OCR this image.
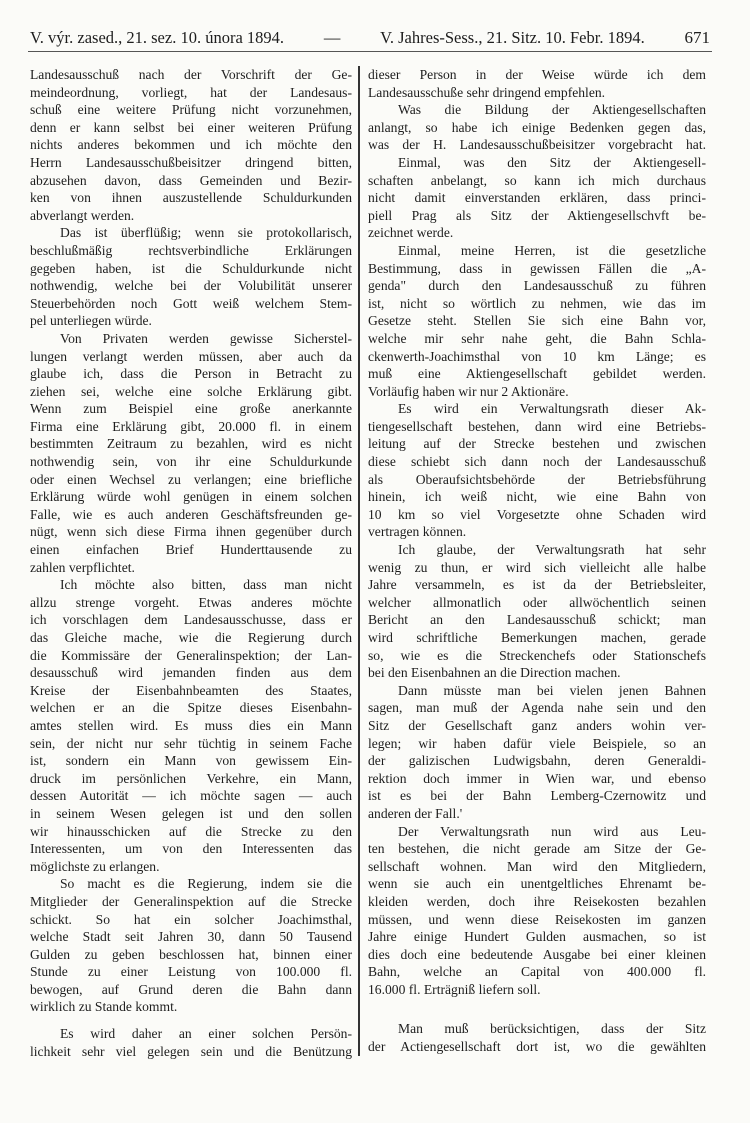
V. výr. zased., 21. sez. 10. února 1894. — V. Jahres-Sess., 21. Sitz. 10. Febr. 1894. 671
Landesausschuß nach der Vorschrift der Ge-
meindeordnung, vorliegt, hat der Landesaus-
schuß eine weitere Prüfung nicht vorzunehmen,
denn er kann selbst bei einer weiteren Prüfung
nichts anderes bekommen und ich möchte den
Herrn Landesausschußbeisitzer dringend bitten,
abzusehen davon, dass Gemeinden und Bezir-
ken von ihnen auszustellende Schuldurkunden
abverlangt werden.
Das ist überflüßig; wenn sie protokollarisch,
beschlußmäßig rechtsverbindliche Erklärungen
gegeben haben, ist die Schuldurkunde nicht
nothwendig, welche bei der Volubilität unserer
Steuerbehörden noch Gott weiß welchem Stem-
pel unterliegen würde.
Von Privaten werden gewisse Sicherstel-
lungen verlangt werden müssen, aber auch da
glaube ich, dass die Person in Betracht zu
ziehen sei, welche eine solche Erklärung gibt.
Wenn zum Beispiel eine große anerkannte
Firma eine Erklärung gibt, 20.000 fl. in einem
bestimmten Zeitraum zu bezahlen, wird es nicht
nothwendig sein, von ihr eine Schuldurkunde
oder einen Wechsel zu verlangen; eine briefliche
Erklärung würde wohl genügen in einem solchen
Falle, wie es auch anderen Geschäftsfreunden ge-
nügt, wenn sich diese Firma ihnen gegenüber durch
einen einfachen Brief Hunderttausende zu
zahlen verpflichtet.
Ich möchte also bitten, dass man nicht
allzu strenge vorgeht. Etwas anderes möchte
ich vorschlagen dem Landesausschusse, dass er
das Gleiche mache, wie die Regierung durch
die Kommissäre der Generalinspektion; der Lan-
desausschuß wird jemanden finden aus dem
Kreise der Eisenbahnbeamten des Staates,
welchen er an die Spitze dieses Eisenbahn-
amtes stellen wird. Es muss dies ein Mann
sein, der nicht nur sehr tüchtig in seinem Fache
ist, sondern ein Mann von gewissem Ein-
druck im persönlichen Verkehre, ein Mann,
dessen Autorität — ich möchte sagen — auch
in seinem Wesen gelegen ist und den sollen
wir hinausschicken auf die Strecke zu den
Interessenten, um von den Interessenten das
möglichste zu erlangen.
So macht es die Regierung, indem sie die
Mitglieder der Generalinspektion auf die Strecke
schickt. So hat ein solcher Joachimsthal,
welche Stadt seit Jahren 30, dann 50 Tausend
Gulden zu geben beschlossen hat, binnen einer
Stunde zu einer Leistung von 100.000 fl.
bewogen, auf Grund deren die Bahn dann
wirklich zu Stande kommt.
Es wird daher an einer solchen Persön-
lichkeit sehr viel gelegen sein und die Benützung
dieser Person in der Weise würde ich dem
Landesausschuße sehr dringend empfehlen.
Was die Bildung der Aktiengesellschaften
anlangt, so habe ich einige Bedenken gegen das,
was der H. Landesausschußbeisitzer vorgebracht hat.
Einmal, was den Sitz der Aktiengesell-
schaften anbelangt, so kann ich mich durchaus
nicht damit einverstanden erklären, dass princi-
piell Prag als Sitz der Aktiengesellschvft be-
zeichnet werde.
Einmal, meine Herren, ist die gesetzliche
Bestimmung, dass in gewissen Fällen die „A-
genda" durch den Landesausschuß zu führen
ist, nicht so wörtlich zu nehmen, wie das im
Gesetze steht. Stellen Sie sich eine Bahn vor,
welche mir sehr nahe geht, die Bahn Schla-
ckenwerth-Joachimsthal von 10 km Länge; es
muß eine Aktiengesellschaft gebildet werden.
Vorläufig haben wir nur 2 Aktionäre.
Es wird ein Verwaltungsrath dieser Ak-
tiengesellschaft bestehen, dann wird eine Betriebs-
leitung auf der Strecke bestehen und zwischen
diese schiebt sich dann noch der Landesausschuß
als Oberaufsichtsbehörde der Betriebsführung
hinein, ich weiß nicht, wie eine Bahn von
10 km so viel Vorgesetzte ohne Schaden wird
vertragen können.
Ich glaube, der Verwaltungsrath hat sehr
wenig zu thun, er wird sich vielleicht alle halbe
Jahre versammeln, es ist da der Betriebsleiter,
welcher allmonatlich oder allwöchentlich seinen
Bericht an den Landesausschuß schickt; man
wird schriftliche Bemerkungen machen, gerade
so, wie es die Streckenchefs oder Stationschefs
bei den Eisenbahnen an die Direction machen.
Dann müsste man bei vielen jenen Bahnen
sagen, man muß der Agenda nahe sein und den
Sitz der Gesellschaft ganz anders wohin ver-
legen; wir haben dafür viele Beispiele, so an
der galizischen Ludwigsbahn, deren Generaldi-
rektion doch immer in Wien war, und ebenso
ist es bei der Bahn Lemberg-Czernowitz und
anderen der Fall.'
Der Verwaltungsrath nun wird aus Leu-
ten bestehen, die nicht gerade am Sitze der Ge-
sellschaft wohnen. Man wird den Mitgliedern,
wenn sie auch ein unentgeltliches Ehrenamt be-
kleiden werden, doch ihre Reisekosten bezahlen
müssen, und wenn diese Reisekosten im ganzen
Jahre einige Hundert Gulden ausmachen, so ist
dies doch eine bedeutende Ausgabe bei einer kleinen
Bahn, welche an Capital von 400.000 fl.
16.000 fl. Erträgniß liefern soll.
Man muß berücksichtigen, dass der Sitz
der Actiengesellschaft dort ist, wo die gewählten
